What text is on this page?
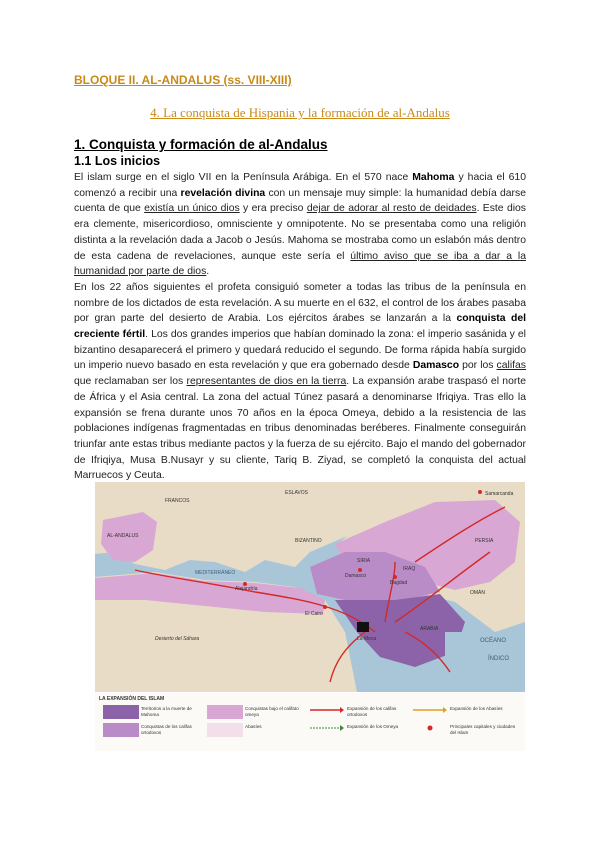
BLOQUE II. AL-ANDALUS (ss. VIII-XIII)
4. La conquista de Hispania y la formación de al-Andalus
1. Conquista y formación de al-Andalus
1.1 Los inicios

El islam surge en el siglo VII en la Península Arábiga. En el 570 nace Mahoma y hacia el 610 comenzó a recibir una revelación divina con un mensaje muy simple: la humanidad debía darse cuenta de que existía un único dios y era preciso dejar de adorar al resto de deidades. Este dios era clemente, misericordioso, omnisciente y omnipotente. No se presentaba como una religión distinta a la revelación dada a Jacob o Jesús. Mahoma se mostraba como un eslabón más dentro de esta cadena de revelaciones, aunque este sería el último aviso que se iba a dar a la humanidad por parte de dios.

En los 22 años siguientes el profeta consiguió someter a todas las tribus de la península en nombre de los dictados de esta revelación. A su muerte en el 632, el control de los árabes pasaba por gran parte del desierto de Arabia. Los ejércitos árabes se lanzarán a la conquista del creciente fértil. Los dos grandes imperios que habían dominado la zona: el imperio sasánida y el bizantino desaparecerá el primero y quedará reducido el segundo. De forma rápida había surgido un imperio nuevo basado en esta revelación y que era gobernado desde Damasco por los califas que reclamaban ser los representantes de dios en la tierra. La expansión arabe traspasó el norte de África y el Asia central. La zona del actual Túnez pasará a denominarse Ifriqiya. Tras ello la expansión se frena durante unos 70 años en la época Omeya, debido a la resistencia de las poblaciones indígenas fragmentadas en tribus denominadas beréberes. Finalmente conseguirán triunfar ante estas tribus mediante pactos y la fuerza de su ejército. Bajo el mando del gobernador de Ifriqiya, Musa B.Nusayr y su cliente, Tariq B. Ziyad, se completó la conquista del actual Marruecos y Ceuta.

ESLAVOS
FRANCOS
AL-ANDALUS
BIZANTINO	PERSIA
SIRIA
IRAQ
ARABIA
OMÁN
OCÉANO
ÍNDICO
MEDITERRÁNEO
Desierto del Sáhara
Alejandría
El Cairo
Samarcanda
Damasco
Bagdad
La Meca
LA EXPANSIÓN DEL ISLAM
Territorios a la muerte de Mahoma
Conquistas de los califas ortodoxos
Conquistas bajo el califato omeya
Abasíes
Expansión de los califas ortodoxos
Expansión de los Omeya
Expansión de los Abasíes
Principales capitales y ciudades del Islam
